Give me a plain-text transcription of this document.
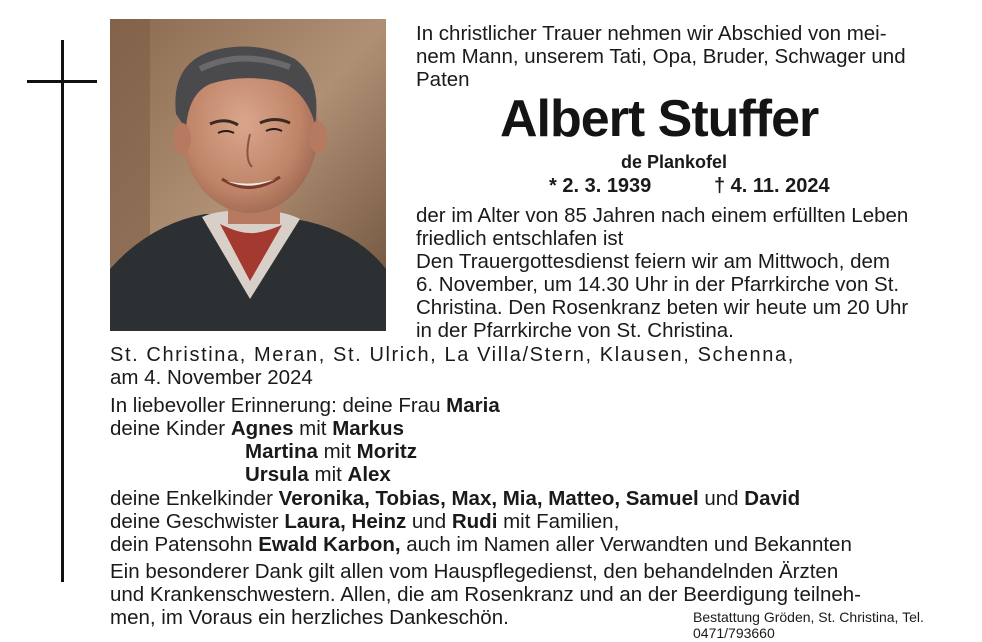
In christlicher Trauer nehmen wir Abschied von mei-
nem Mann, unserem Tati, Opa, Bruder, Schwager und
Paten
Albert Stuffer
de Plankofel
* 2. 3. 1939	† 4. 11. 2024
der im Alter von 85 Jahren nach einem erfüllten Leben
friedlich entschlafen ist
Den Trauergottesdienst feiern wir am Mittwoch, dem
6. November, um 14.30 Uhr in der Pfarrkirche von St.
Christina. Den Rosenkranz beten wir heute um 20 Uhr
in der Pfarrkirche von St. Christina.
St. Christina, Meran, St. Ulrich, La Villa/Stern, Klausen, Schenna,
am 4. November 2024
In liebevoller Erinnerung: deine Frau Maria
deine Kinder Agnes mit Markus
Martina mit Moritz
Ursula mit Alex
deine Enkelkinder Veronika, Tobias, Max, Mia, Matteo, Samuel und David
deine Geschwister Laura, Heinz und Rudi mit Familien,
dein Patensohn Ewald Karbon, auch im Namen aller Verwandten und Bekannten
Ein besonderer Dank gilt allen vom Hauspflegedienst, den behandelnden Ärzten
und Krankenschwestern. Allen, die am Rosenkranz und an der Beerdigung teilneh-
men, im Voraus ein herzliches Dankeschön.	Bestattung Gröden, St. Christina, Tel. 0471/793660
